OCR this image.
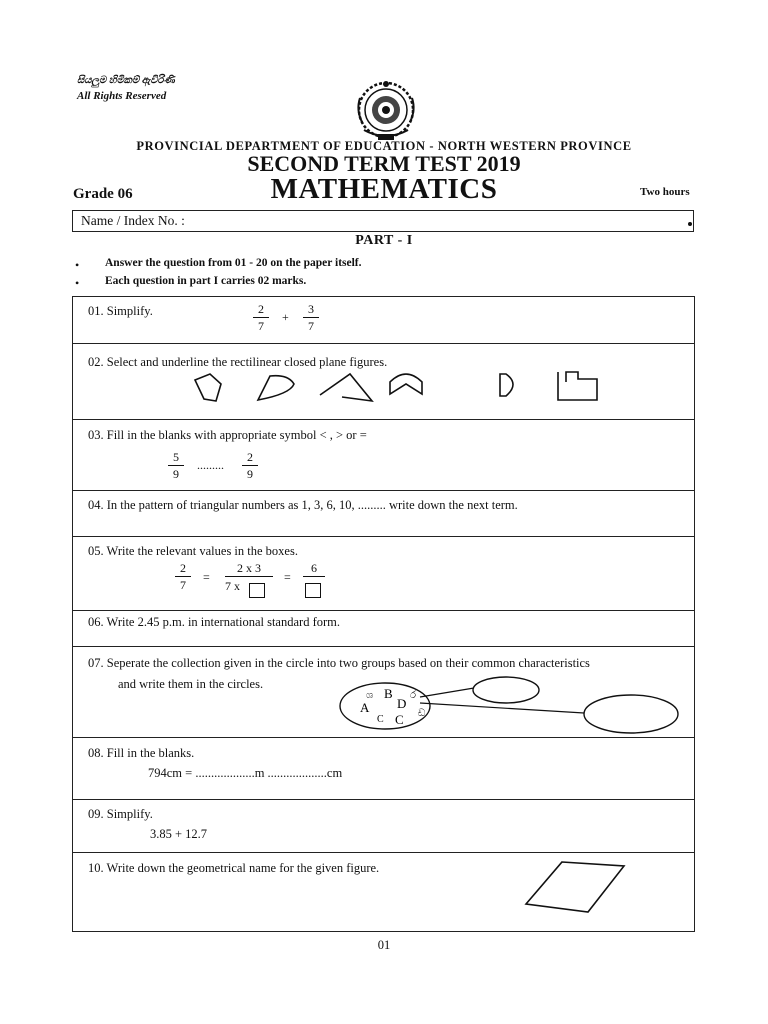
සියලුම හිමිකම් ඇවිරිණි
All Rights Reserved
PROVINCIAL DEPARTMENT OF EDUCATION - NORTH WESTERN PROVINCE
SECOND TERM TEST 2019
MATHEMATICS
Grade 06	Two hours
Name / Index No. :
PART - I
• Answer the question from 01 - 20 on the paper itself.
• Each question in part I carries 02 marks.
01. Simplify.	$\frac{2}{7} + \frac{3}{7}$
02. Select and underline the rectilinear closed plane figures.
03. Fill in the blanks with appropriate symbol < , > or =
$\frac{5}{9}$ ......... $\frac{2}{9}$
04. In the pattern of triangular numbers as 1, 3, 6, 10, ......... write down the next term.
05. Write the relevant values in the boxes.
$\frac{2}{7} = \frac{2 x 3}{7 x}$ =
6
06. Write 2.45 p.m. in international standard form.
07. Seperate the collection given in the circle into two groups based on their common characteristics
and write them in the circles.
ශ B ර
A D
ඩ
C C
08. Fill in the blanks.
794cm = ...................m ...................cm
09. Simplify.
3.85 + 12.7
10. Write down the geometrical name for the given figure.
01
